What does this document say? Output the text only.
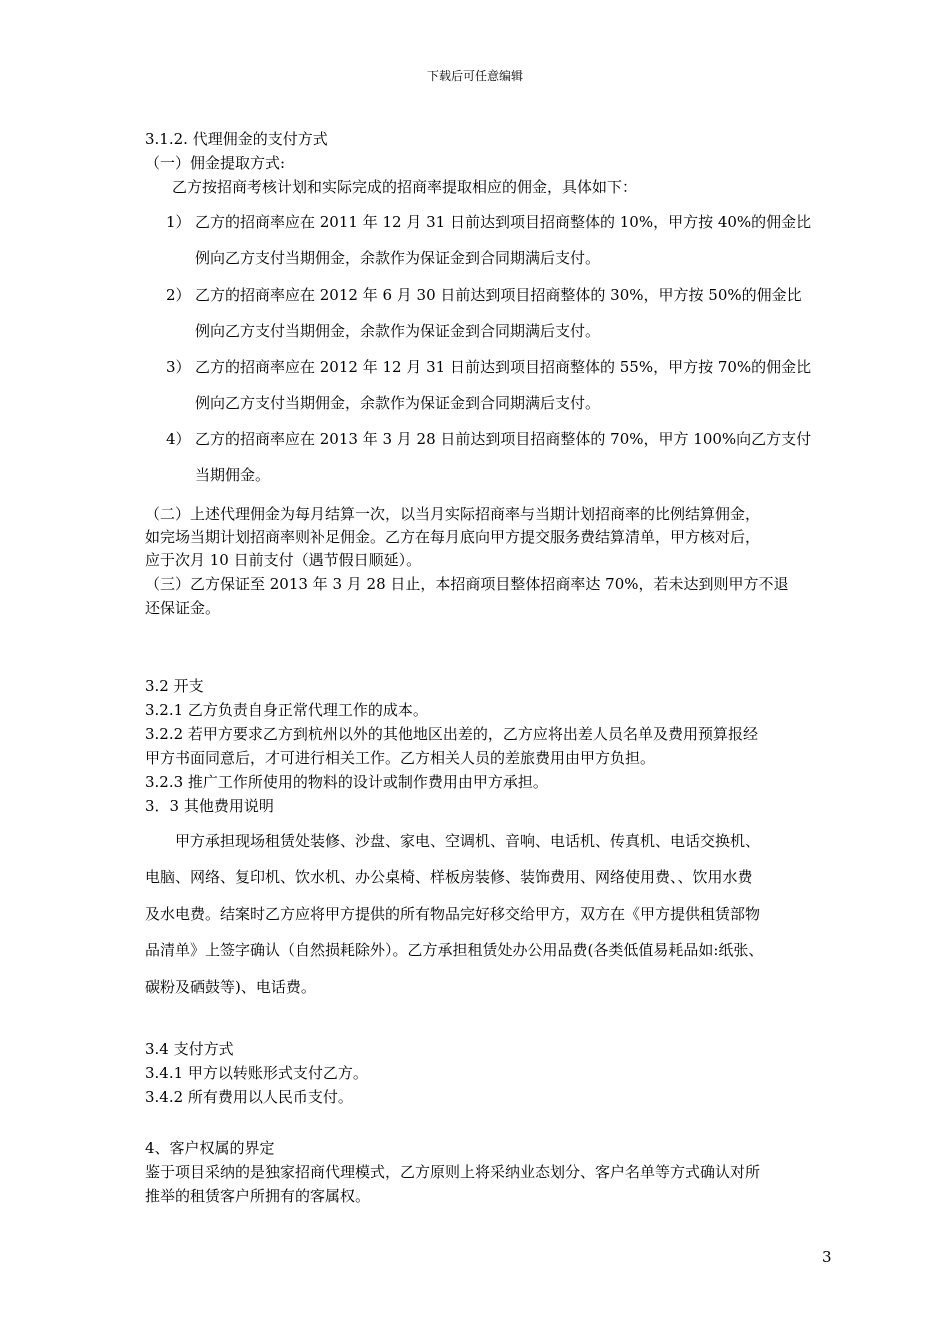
下载后可任意编辑
3.1.2. 代理佣金的支付方式
（一）佣金提取方式:
乙方按招商考核计划和实际完成的招商率提取相应的佣金，具体如下：
1） 乙方的招商率应在 2011 年 12 月 31 日前达到项目招商整体的 10%，甲方按 40%的佣金比
例向乙方支付当期佣金，余款作为保证金到合同期满后支付。
2） 乙方的招商率应在 2012 年 6 月 30 日前达到项目招商整体的 30%，甲方按 50%的佣金比
例向乙方支付当期佣金，余款作为保证金到合同期满后支付。
3） 乙方的招商率应在 2012 年 12 月 31 日前达到项目招商整体的 55%，甲方按 70%的佣金比
例向乙方支付当期佣金，余款作为保证金到合同期满后支付。
4） 乙方的招商率应在 2013 年 3 月 28 日前达到项目招商整体的 70%，甲方 100%向乙方支付
当期佣金。
（二）上述代理佣金为每月结算一次，以当月实际招商率与当期计划招商率的比例结算佣金，
如完场当期计划招商率则补足佣金。乙方在每月底向甲方提交服务费结算清单，甲方核对后，
应于次月 10 日前支付（遇节假日顺延）。
（三）乙方保证至 2013 年 3 月 28 日止，本招商项目整体招商率达 70%，若未达到则甲方不退
还保证金。
3.2 开支
3.2.1 乙方负责自身正常代理工作的成本。
3.2.2 若甲方要求乙方到杭州以外的其他地区出差的，乙方应将出差人员名单及费用预算报经
甲方书面同意后，才可进行相关工作。乙方相关人员的差旅费用由甲方负担。
3.2.3 推广工作所使用的物料的设计或制作费用由甲方承担。
3．3 其他费用说明
甲方承担现场租赁处装修、沙盘、家电、空调机、音响、电话机、传真机、电话交换机、
电脑、网络、复印机、饮水机、办公桌椅、样板房装修、装饰费用、网络使用费、、饮用水费
及水电费。结案时乙方应将甲方提供的所有物品完好移交给甲方，双方在《甲方提供租赁部物
品清单》上签字确认（自然损耗除外）。乙方承担租赁处办公用品费(各类低值易耗品如:纸张、
碳粉及硒鼓等)、电话费。
3.4 支付方式
3.4.1 甲方以转账形式支付乙方。
3.4.2 所有费用以人民币支付。
4、客户权属的界定
鉴于项目采纳的是独家招商代理模式，乙方原则上将采纳业态划分、客户名单等方式确认对所
推举的租赁客户所拥有的客属权。
3
